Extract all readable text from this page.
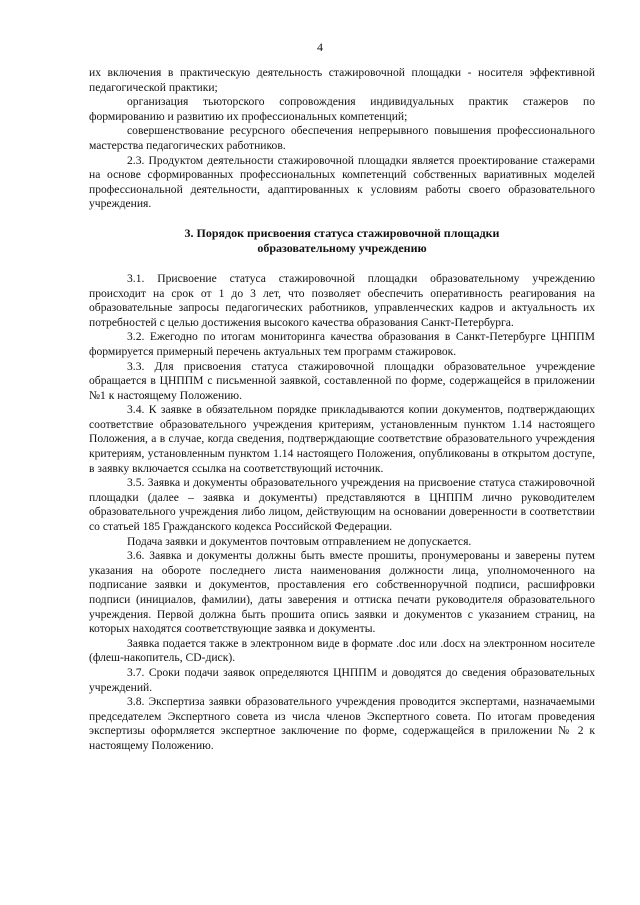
4

их включения в практическую деятельность стажировочной площадки - носителя эффективной педагогической практики;

организация тьюторского сопровождения индивидуальных практик стажеров по формированию и развитию их профессиональных компетенций;

совершенствование ресурсного обеспечения непрерывного повышения профессионального мастерства педагогических работников.

2.3. Продуктом деятельности стажировочной площадки является проектирование стажерами на основе сформированных профессиональных компетенций собственных вариативных моделей профессиональной деятельности, адаптированных к условиям работы своего образовательного учреждения.

3. Порядок присвоения статуса стажировочной площадки
образовательному учреждению

3.1. Присвоение статуса стажировочной площадки образовательному учреждению происходит на срок от 1 до 3 лет, что позволяет обеспечить оперативность реагирования на образовательные запросы педагогических работников, управленческих кадров и актуальность их потребностей с целью достижения высокого качества образования Санкт-Петербурга.

3.2. Ежегодно по итогам мониторинга качества образования в Санкт-Петербурге ЦНППМ формируется примерный перечень актуальных тем программ стажировок.

3.3. Для присвоения статуса стажировочной площадки образовательное учреждение обращается в ЦНППМ с письменной заявкой, составленной по форме, содержащейся в приложении №1 к настоящему Положению.

3.4. К заявке в обязательном порядке прикладываются копии документов, подтверждающих соответствие образовательного учреждения критериям, установленным пунктом 1.14 настоящего Положения, а в случае, когда сведения, подтверждающие соответствие образовательного учреждения критериям, установленным пунктом 1.14 настоящего Положения, опубликованы в открытом доступе, в заявку включается ссылка на соответствующий источник.

3.5. Заявка и документы образовательного учреждения на присвоение статуса стажировочной площадки (далее – заявка и документы) представляются в ЦНППМ лично руководителем образовательного учреждения либо лицом, действующим на основании доверенности в соответствии со статьей 185 Гражданского кодекса Российской Федерации.

Подача заявки и документов почтовым отправлением не допускается.

3.6. Заявка и документы должны быть вместе прошиты, пронумерованы и заверены путем указания на обороте последнего листа наименования должности лица, уполномоченного на подписание заявки и документов, проставления его собственноручной подписи, расшифровки подписи (инициалов, фамилии), даты заверения и оттиска печати руководителя образовательного учреждения. Первой должна быть прошита опись заявки и документов с указанием страниц, на которых находятся соответствующие заявка и документы.

Заявка подается также в электронном виде в формате .doc или .docx на электронном носителе (флеш-накопитель, CD-диск).

3.7. Сроки подачи заявок определяются ЦНППМ и доводятся до сведения образовательных учреждений.

3.8. Экспертиза заявки образовательного учреждения проводится экспертами, назначаемыми председателем Экспертного совета из числа членов Экспертного совета. По итогам проведения экспертизы оформляется экспертное заключение по форме, содержащейся в приложении № 2 к настоящему Положению.
